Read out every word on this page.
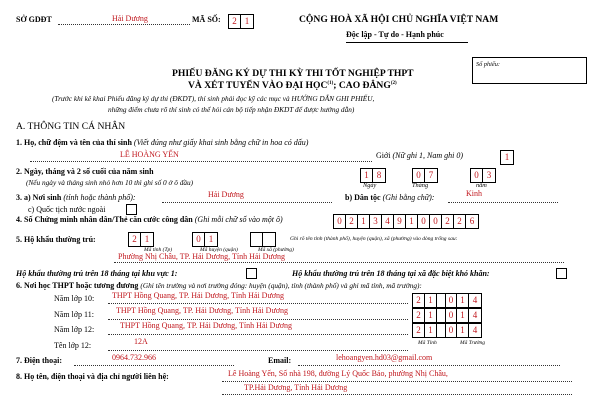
SỞ GDĐT	Hải Dương	MÃ SỐ:	2 1	CỘNG HOÀ XÃ HỘI CHỦ NGHĨA VIỆT NAM
Độc lập - Tự do - Hạnh phúc
Số phiếu:
PHIẾU ĐĂNG KÝ DỰ THI KỲ THI TỐT NGHIỆP THPT
VÀ XÉT TUYỂN VÀO ĐẠI HỌC$^{(1)}$; CAO ĐẲNG$^{(2)}$
(Trước khi kê khai Phiếu đăng ký dự thi (ĐKDT), thí sinh phải đọc kỹ các mục và HƯỚNG DẪN GHI PHIẾU,
những điểm chưa rõ thí sinh có thể hỏi cán bộ tiếp nhận ĐKDT để được hướng dẫn)
A. THÔNG TIN CÁ NHÂN
1. Họ, chữ đệm và tên của thí sinh (Viết đúng như giấy khai sinh bằng chữ in hoa có dấu)
LÊ HOÀNG YẾN	Giới (Nữ ghi 1, Nam ghi 0)	1
2. Ngày, tháng và 2 số cuối của năm sinh
(Nếu ngày và tháng sinh nhỏ hơn 10 thì ghi số 0 ở ô đầu)
1 8	0 7	0 3
Ngày	Tháng	năm
3. a) Nơi sinh (tỉnh hoặc thành phố):	Hải Dương	b) Dân tộc (Ghi bằng chữ):	Kinh
c) Quốc tịch nước ngoài
4. Số Chứng minh nhân dân/Thẻ căn cước công dân (Ghi mỗi chữ số vào một ô)	0 2 1 3 4 9 1 0 0 2 2 6
5. Hộ khẩu thường trú:	2 1	0 1
Mã tỉnh (Tp)	Mã huyện (quận)	Mã xã (phường)
Ghi rõ tên tỉnh (thành phố), huyện (quận), xã (phường) vào dòng trống sau:
Phường Nhị Châu, TP. Hải Dương, Tỉnh Hải Dương
Hộ khẩu thường trú trên 18 tháng tại khu vực 1:	Hộ khẩu thường trú trên 18 tháng tại xã đặc biệt khó khăn:
6. Nơi học THPT hoặc tương đương (Ghi tên trường và nơi trường đóng: huyện (quận), tỉnh (thành phố) và ghi mã tỉnh, mã trường):
Năm lớp 10: THPT Hồng Quang, TP. Hải Dương, Tỉnh Hải Dương	2 1	0 1 4
Năm lớp 11:	THPT Hồng Quang, TP. Hải Dương, Tỉnh Hải Dương	2 1	0 1 4
Năm lớp 12:	THPT Hồng Quang, TP. Hải Dương, Tỉnh Hải Dương	2 1	0 1 4
Tên lớp 12:	12A	Mã Tỉnh	Mã Trường
7. Điện thoại:	0964.732.966	Email:	lehoangyen.hd03@gmail.com
8. Họ tên, điện thoại và địa chỉ người liên hệ:	Lê Hoàng Yến, Số nhà 198, đường Lý Quốc Bảo, phường Nhị Châu,
TP.Hải Dương, Tỉnh Hải Dương
